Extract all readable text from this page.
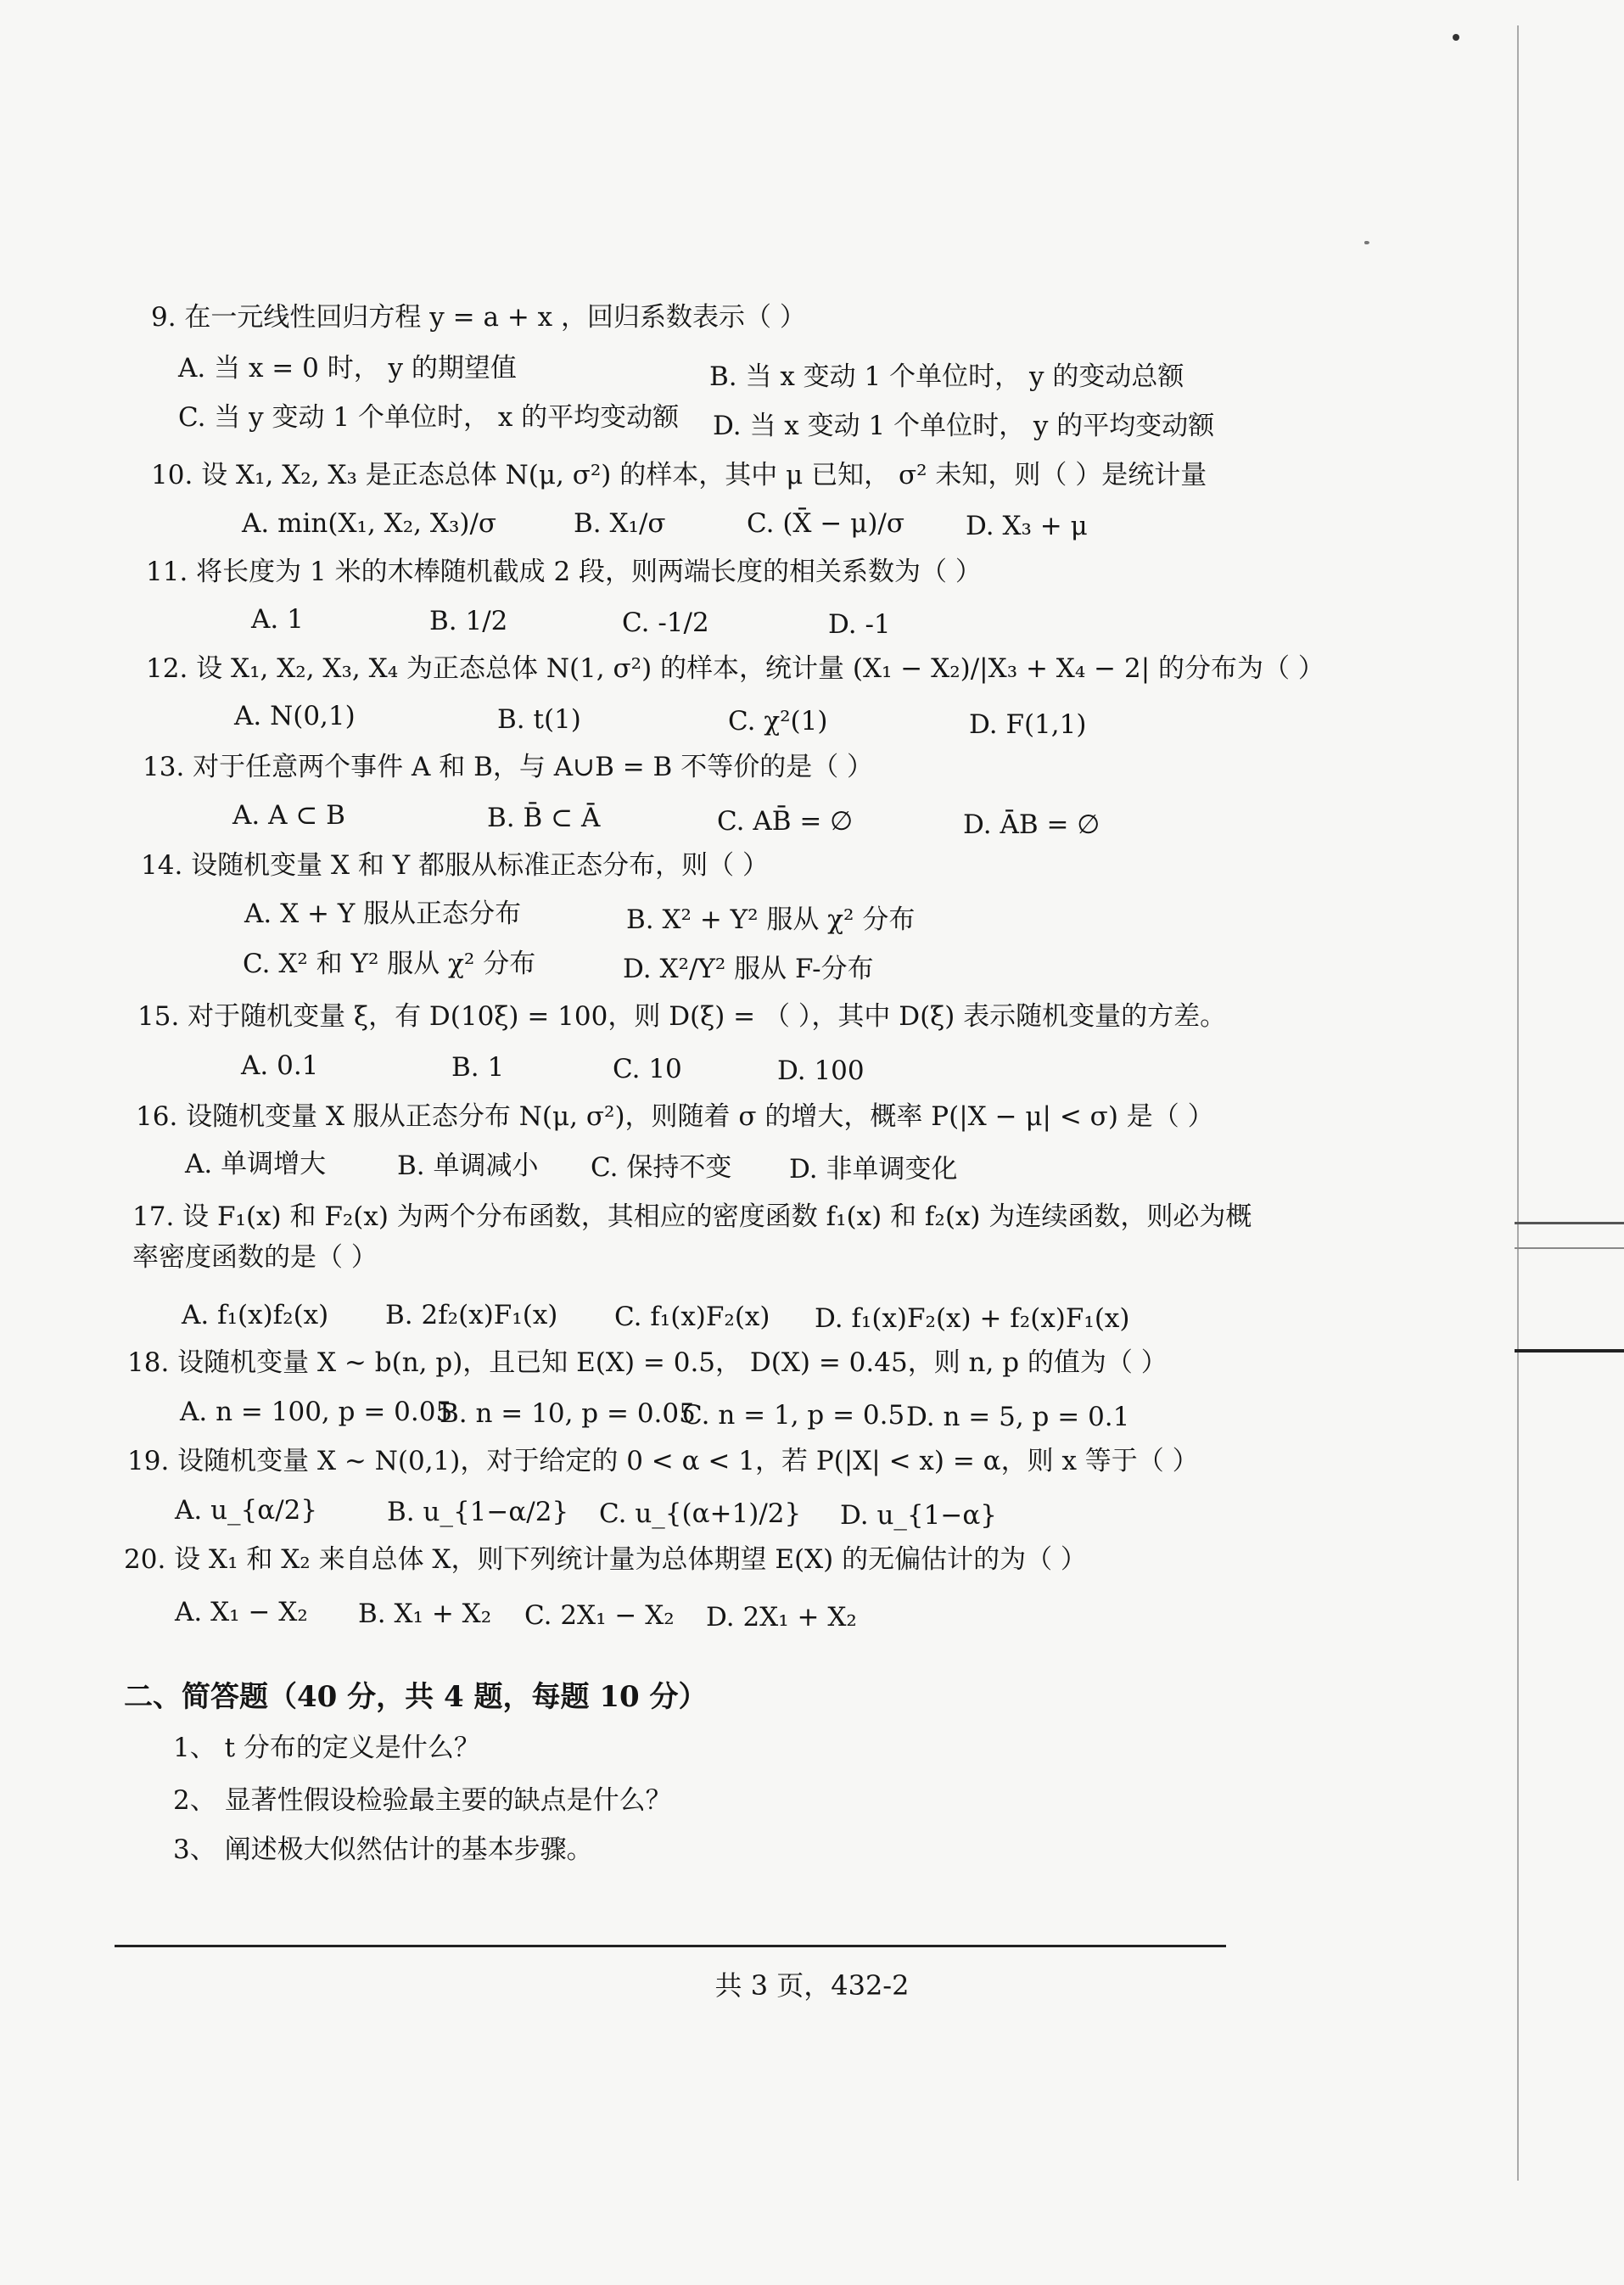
9. 在一元线性回归方程 y = a + x ，回归系数表示（ ）
A. 当 x = 0 时， y 的期望值	B. 当 x 变动 1 个单位时， y 的变动总额
C. 当 y 变动 1 个单位时， x 的平均变动额 D. 当 x 变动 1 个单位时， y 的平均变动额
10. 设 X₁, X₂, X₃ 是正态总体 N(μ, σ²) 的样本，其中 μ 已知， σ² 未知，则（ ）是统计量
A. min(X₁, X₂, X₃)/σ	B. X₁/σ	C. (X̄ − μ)/σ D. X₃ + μ
11. 将长度为 1 米的木棒随机截成 2 段，则两端长度的相关系数为（ ）
A. 1	B. 1/2	C. -1/2	D. -1
12. 设 X₁, X₂, X₃, X₄ 为正态总体 N(1, σ²) 的样本，统计量 (X₁ − X₂)/|X₃ + X₄ − 2| 的分布为（ ）
A. N(0,1)	B. t(1)	C. χ²(1)	D. F(1,1)
13. 对于任意两个事件 A 和 B，与 A∪B = B 不等价的是（ ）
A. A ⊂ B	B. B̄ ⊂ Ā	C. AB̄ = ∅	D. ĀB = ∅
14. 设随机变量 X 和 Y 都服从标准正态分布，则（ ）
A. X + Y 服从正态分布	B. X² + Y² 服从 χ² 分布
C. X² 和 Y² 服从 χ² 分布	D. X²/Y² 服从 F-分布
15. 对于随机变量 ξ，有 D(10ξ) = 100，则 D(ξ) = （ ），其中 D(ξ) 表示随机变量的方差。
A. 0.1	B. 1	C. 10	D. 100
16. 设随机变量 X 服从正态分布 N(μ, σ²)，则随着 σ 的增大，概率 P(|X − μ| < σ) 是（ ）
A. 单调增大	B. 单调减小 C. 保持不变 D. 非单调变化
17. 设 F₁(x) 和 F₂(x) 为两个分布函数，其相应的密度函数 f₁(x) 和 f₂(x) 为连续函数，则必为概
率密度函数的是（ ）
A. f₁(x)f₂(x) B. 2f₂(x)F₁(x) C. f₁(x)F₂(x) D. f₁(x)F₂(x) + f₂(x)F₁(x)
18. 设随机变量 X ~ b(n, p)，且已知 E(X) = 0.5， D(X) = 0.45，则 n, p 的值为（ ）
A. n = 100, p = 0.05
B. n = 10, p = 0.05
C. n = 1, p = 0.5 D. n = 5, p = 0.1
19. 设随机变量 X ~ N(0,1)，对于给定的 0 < α < 1，若 P(|X| < x) = α，则 x 等于（ ）
A. u_{α/2}	B. u_{1−α/2} C. u_{(α+1)/2} D. u_{1−α}
20. 设 X₁ 和 X₂ 来自总体 X，则下列统计量为总体期望 E(X) 的无偏估计的为（ ）
A. X₁ − X₂ B. X₁ + X₂ C. 2X₁ − X₂ D. 2X₁ + X₂
二、简答题（40 分，共 4 题，每题 10 分）
1、 t 分布的定义是什么？
2、 显著性假设检验最主要的缺点是什么？
3、 阐述极大似然估计的基本步骤。
共 3 页，432-2
